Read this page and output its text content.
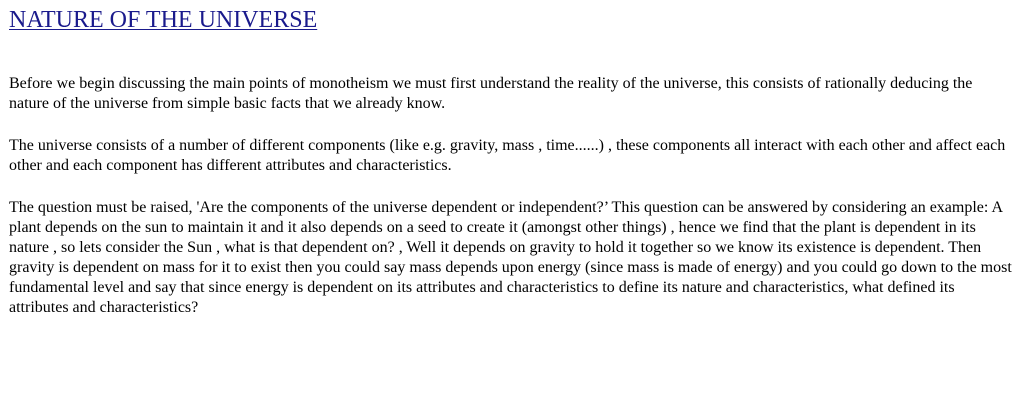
NATURE OF THE UNIVERSE

Before we begin discussing the main points of monotheism we must first understand the reality of the universe, this consists of rationally deducing the nature of the universe from simple basic facts that we already know.

The universe consists of a number of different components (like e.g. gravity, mass , time......) , these components all interact with each other and affect each other and each component has different attributes and characteristics.

The question must be raised, 'Are the components of the universe dependent or independent?’ This question can be answered by considering an example: A plant depends on the sun to maintain it and it also depends on a seed to create it (amongst other things) , hence we find that the plant is dependent in its nature , so lets consider the Sun , what is that dependent on? , Well it depends on gravity to hold it together so we know its existence is dependent. Then gravity is dependent on mass for it to exist then you could say mass depends upon energy (since mass is made of energy) and you could go down to the most fundamental level and say that since energy is dependent on its attributes and characteristics to define its nature and characteristics, what defined its attributes and characteristics?
